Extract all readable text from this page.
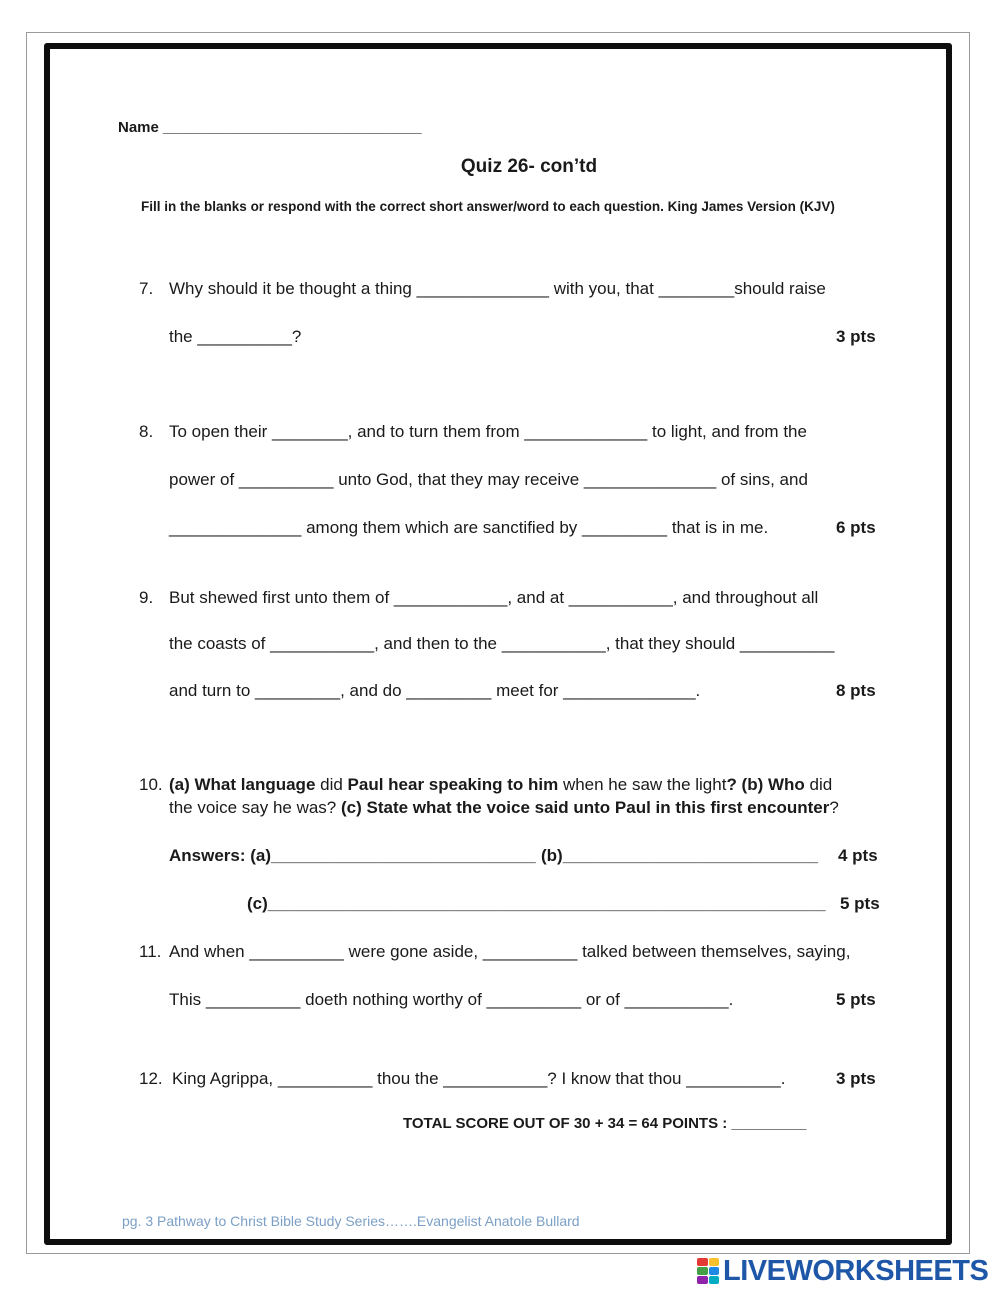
Name _______________________________
Quiz 26- con’td
Fill in the blanks or respond with the correct short answer/word to each question. King James Version (KJV)
7. Why should it be thought a thing ______________ with you, that ________should raise
the __________?	3 pts
8. To open their ________, and to turn them from _____________ to light, and from the
power of __________ unto God, that they may receive ______________ of sins, and
______________ among them which are sanctified by _________ that is in me.	6 pts
9. But shewed first unto them of ____________, and at ___________, and throughout all
the coasts of ___________, and then to the ___________, that they should __________
and turn to _________, and do _________ meet for ______________.	8 pts
10. (a) What language did Paul hear speaking to him when he saw the light? (b) Who did
the voice say he was? (c) State what the voice said unto Paul in this first encounter?
Answers: (a)____________________________ (b)___________________________ 4 pts
(c)___________________________________________________________ 5 pts
11. And when __________ were gone aside, __________ talked between themselves, saying,
This __________ doeth nothing worthy of __________ or of ___________.	5 pts
12. King Agrippa, __________ thou the ___________? I know that thou __________.	3 pts
TOTAL SCORE OUT OF 30 + 34 = 64 POINTS : _________
pg. 3 Pathway to Christ Bible Study Series…….Evangelist Anatole Bullard
LIVEWORKSHEETS
